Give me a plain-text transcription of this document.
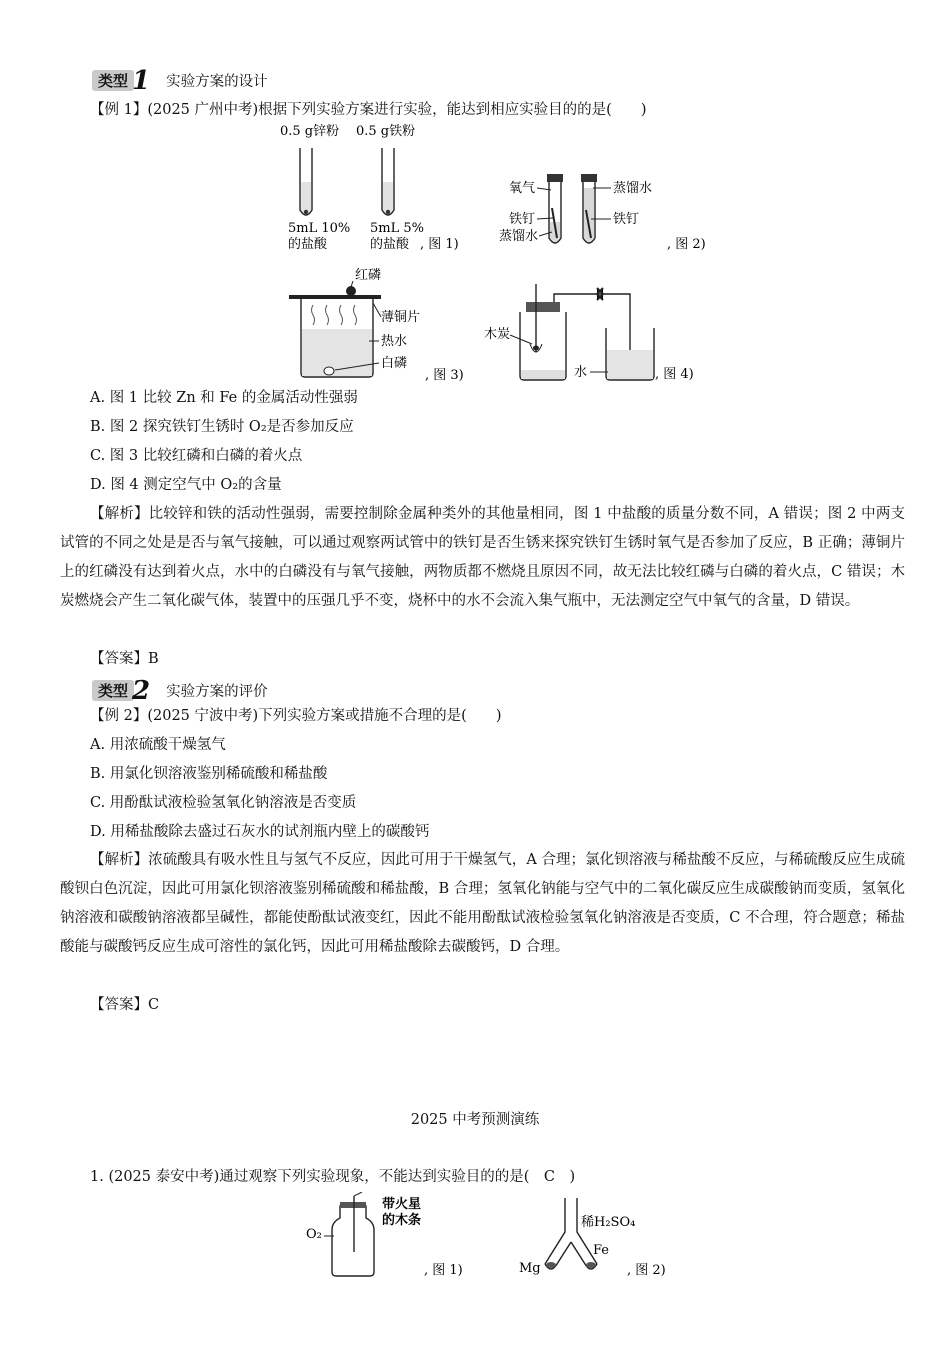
类型 1 实验方案的设计
【例 1】(2025 广州中考)根据下列实验方案进行实验，能达到相应实验目的的是(　　)
0.5 g锌粉 0.5 g铁粉
5mL 10%
的盐酸
5mL 5%
的盐酸 , 图 1)
氧气
铁钉
蒸馏水
蒸馏水
铁钉
, 图 2)
红磷
薄铜片
热水
白磷
, 图 3)
木炭
水	, 图 4)
A. 图 1 比较 Zn 和 Fe 的金属活动性强弱
B. 图 2 探究铁钉生锈时 O₂是否参加反应
C. 图 3 比较红磷和白磷的着火点
D. 图 4 测定空气中 O₂的含量
【解析】比较锌和铁的活动性强弱，需要控制除金属种类外的其他量相同，图 1 中盐酸的质量分数不同，A 错误；图 2 中两支试管的不同之处是是否与氧气接触，可以通过观察两试管中的铁钉是否生锈来探究铁钉生锈时氧气是否参加了反应，B 正确；薄铜片上的红磷没有达到着火点，水中的白磷没有与氧气接触，两物质都不燃烧且原因不同，故无法比较红磷与白磷的着火点，C 错误；木炭燃烧会产生二氧化碳气体，装置中的压强几乎不变，烧杯中的水不会流入集气瓶中，无法测定空气中氧气的含量，D 错误。
【答案】B
类型 2 实验方案的评价
【例 2】(2025 宁波中考)下列实验方案或措施不合理的是(　　)
A. 用浓硫酸干燥氢气
B. 用氯化钡溶液鉴别稀硫酸和稀盐酸
C. 用酚酞试液检验氢氧化钠溶液是否变质
D. 用稀盐酸除去盛过石灰水的试剂瓶内壁上的碳酸钙
【解析】浓硫酸具有吸水性且与氢气不反应，因此可用于干燥氢气，A 合理；氯化钡溶液与稀盐酸不反应，与稀硫酸反应生成硫酸钡白色沉淀，因此可用氯化钡溶液鉴别稀硫酸和稀盐酸，B 合理；氢氧化钠能与空气中的二氧化碳反应生成碳酸钠而变质，氢氧化钠溶液和碳酸钠溶液都呈碱性，都能使酚酞试液变红，因此不能用酚酞试液检验氢氧化钠溶液是否变质，C 不合理，符合题意；稀盐酸能与碳酸钙反应生成可溶性的氯化钙，因此可用稀盐酸除去碳酸钙，D 合理。
【答案】C
2025 中考预测演练
1. (2025 泰安中考)通过观察下列实验现象，不能达到实验目的的是(　C　)
O₂
带火星
的木条
, 图 1)
稀H₂SO₄
Mg
Fe
, 图 2)
